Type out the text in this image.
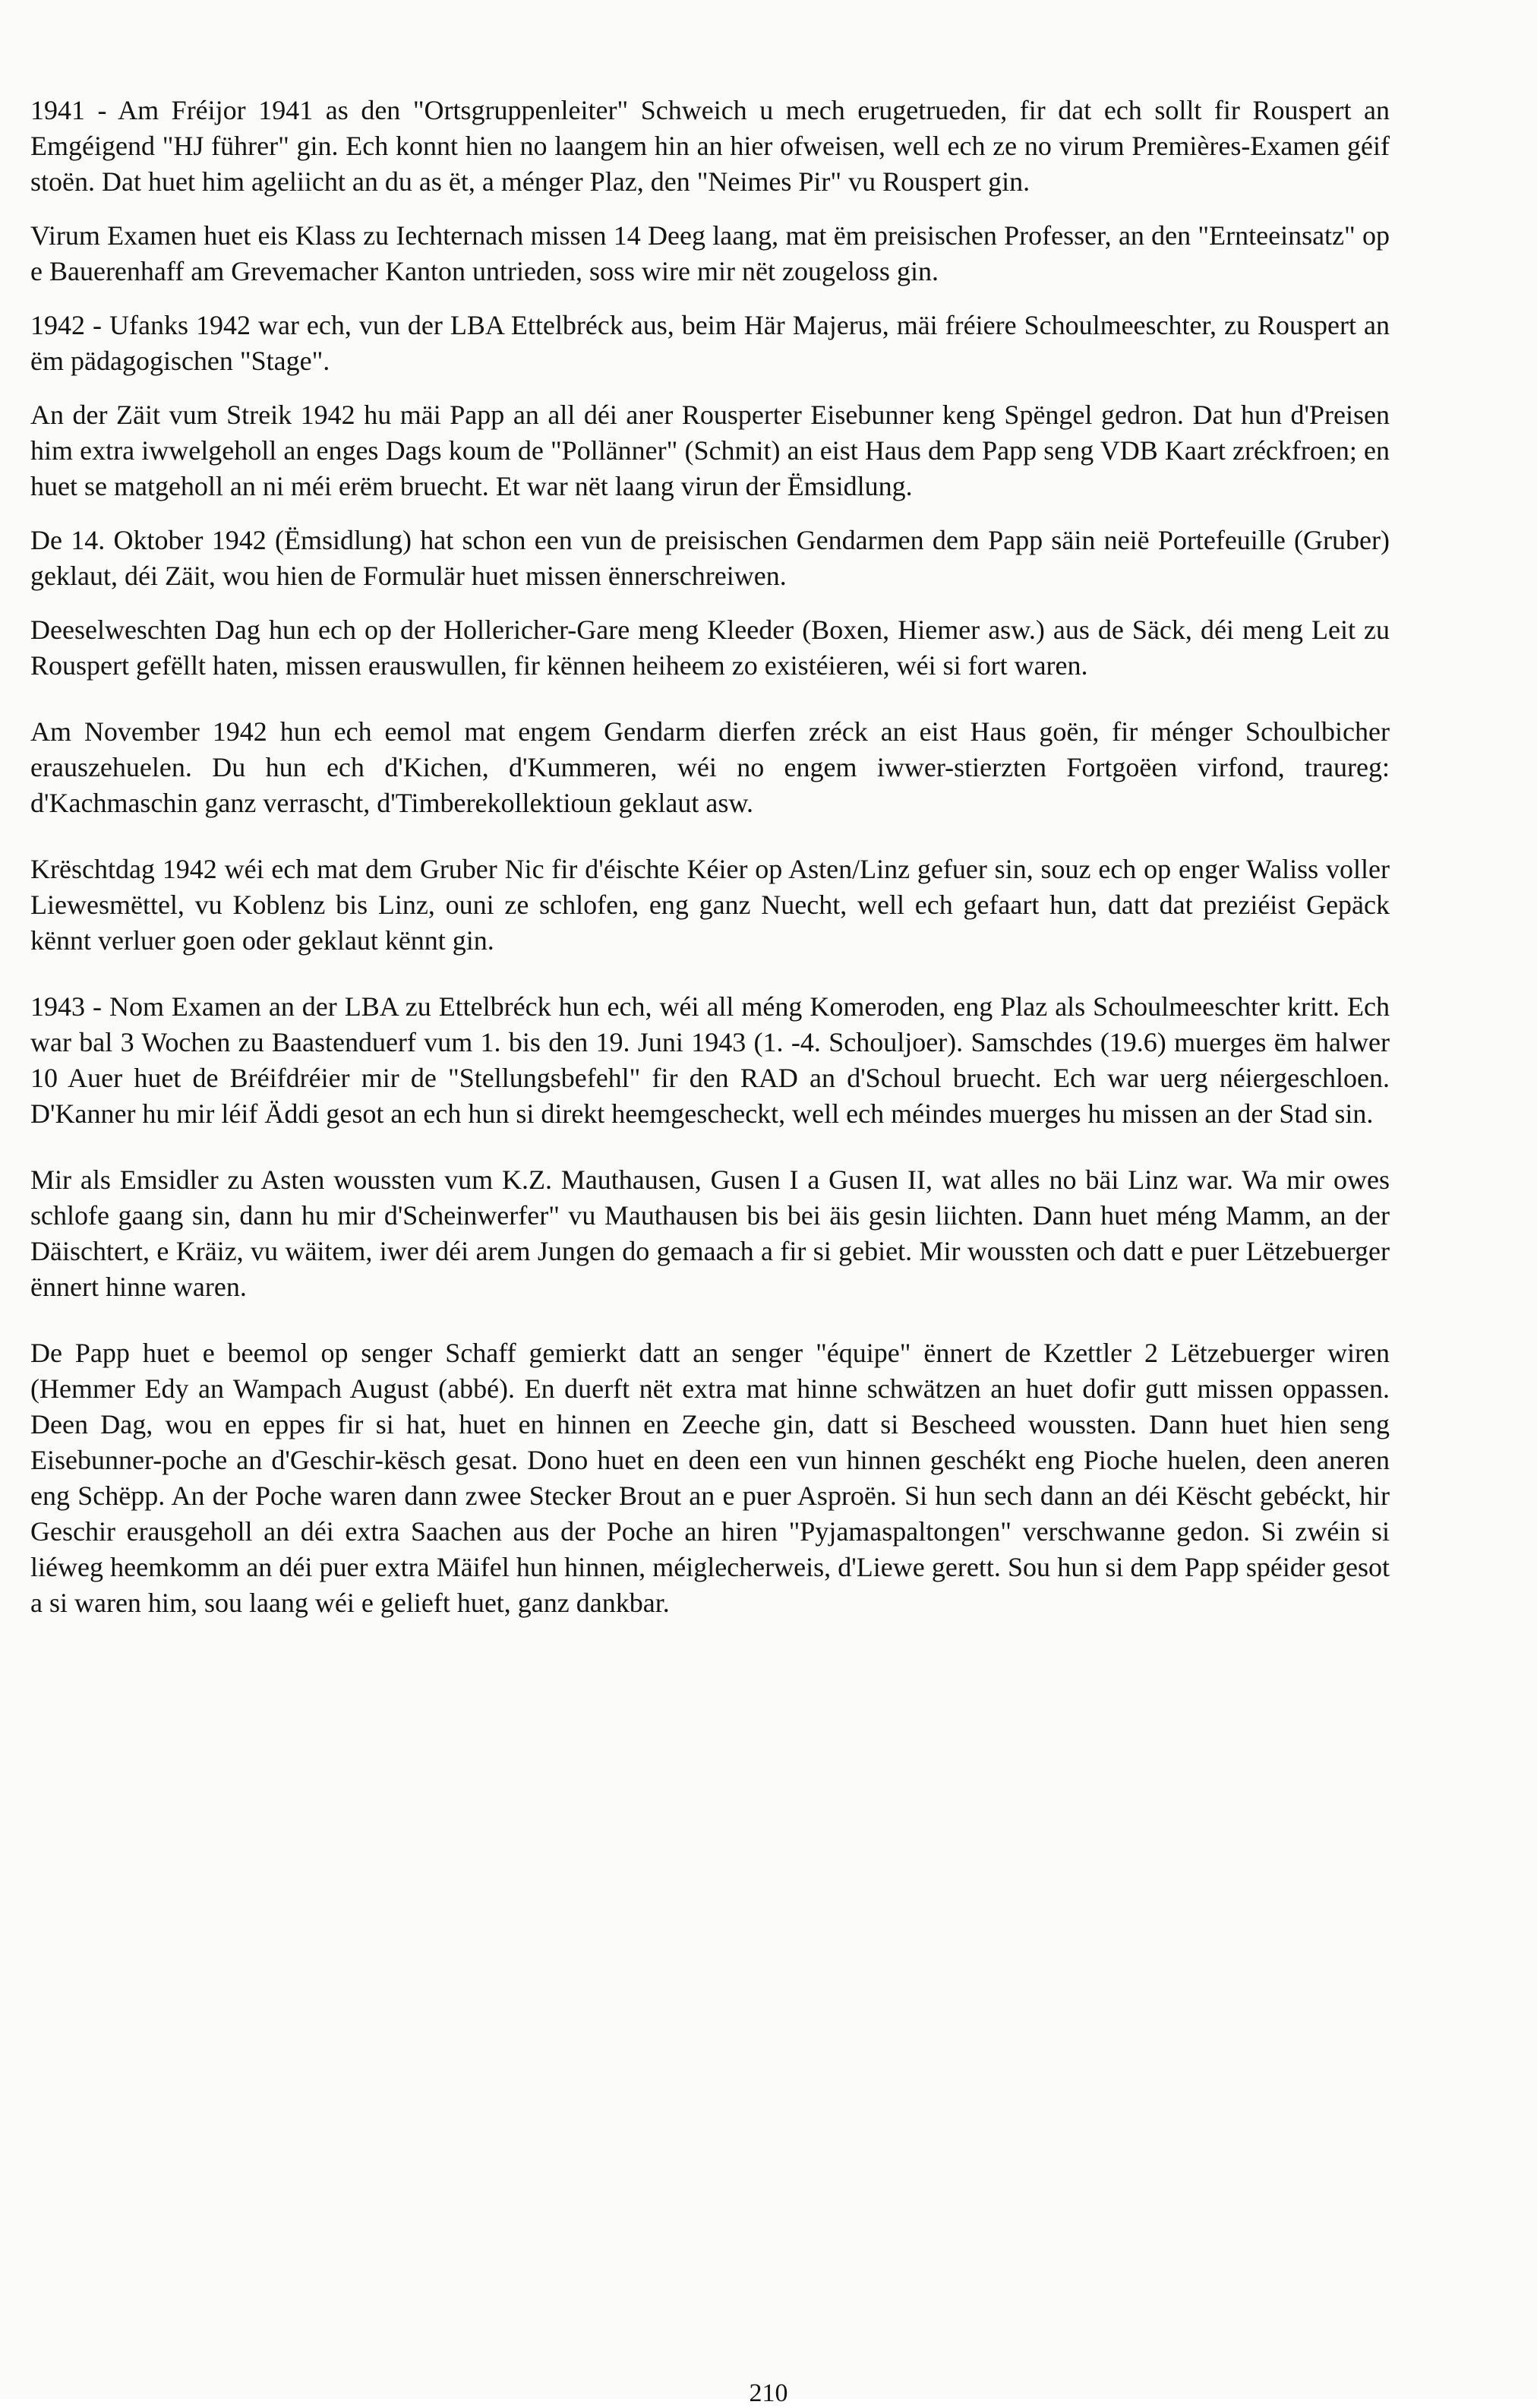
1941 - Am Fréijor 1941 as den "Ortsgruppenleiter" Schweich u mech erugetrueden, fir dat ech sollt fir Rouspert an Emgéigend "HJ führer" gin. Ech konnt hien no laangem hin an hier ofweisen, well ech ze no virum Premières-Examen géif stoën. Dat huet him ageliicht an du as ët, a ménger Plaz, den "Neimes Pir" vu Rouspert gin.

Virum Examen huet eis Klass zu Iechternach missen 14 Deeg laang, mat ëm preisischen Professer, an den "Ernteeinsatz" op e Bauerenhaff am Grevemacher Kanton untrieden, soss wire mir nët zougeloss gin.

1942 - Ufanks 1942 war ech, vun der LBA Ettelbréck aus, beim Här Majerus, mäi fréiere Schoulmeeschter, zu Rouspert an ëm pädagogischen "Stage".

An der Zäit vum Streik 1942 hu mäi Papp an all déi aner Rousperter Eisebunner keng Spëngel gedron. Dat hun d'Preisen him extra iwwelgeholl an enges Dags koum de "Pollänner" (Schmit) an eist Haus dem Papp seng VDB Kaart zréckfroen; en huet se matgeholl an ni méi erëm bruecht. Et war nët laang virun der Ëmsidlung.

De 14. Oktober 1942 (Ëmsidlung) hat schon een vun de preisischen Gendarmen dem Papp säin neië Portefeuille (Gruber) geklaut, déi Zäit, wou hien de Formulär huet missen ënnerschreiwen.

Deeselweschten Dag hun ech op der Hollericher-Gare meng Kleeder (Boxen, Hiemer asw.) aus de Säck, déi meng Leit zu Rouspert gefëllt haten, missen erauswullen, fir kënnen heiheem zo existéieren, wéi si fort waren.

Am November 1942 hun ech eemol mat engem Gendarm dierfen zréck an eist Haus goën, fir ménger Schoulbicher erauszehuelen. Du hun ech d'Kichen, d'Kummeren, wéi no engem iwwer-stierzten Fortgoëen virfond, traureg: d'Kachmaschin ganz verrascht, d'Timberekollektioun geklaut asw.

Krëschtdag 1942 wéi ech mat dem Gruber Nic fir d'éischte Kéier op Asten/Linz gefuer sin, souz ech op enger Waliss voller Liewesmëttel, vu Koblenz bis Linz, ouni ze schlofen, eng ganz Nuecht, well ech gefaart hun, datt dat preziéist Gepäck kënnt verluer goen oder geklaut kënnt gin.

1943 - Nom Examen an der LBA zu Ettelbréck hun ech, wéi all méng Komeroden, eng Plaz als Schoulmeeschter kritt. Ech war bal 3 Wochen zu Baastenduerf vum 1. bis den 19. Juni 1943 (1. -4. Schouljoer). Samschdes (19.6) muerges ëm halwer 10 Auer huet de Bréifdréier mir de "Stellungsbefehl" fir den RAD an d'Schoul bruecht. Ech war uerg néiergeschloen. D'Kanner hu mir léif Äddi gesot an ech hun si direkt heemgescheckt, well ech méindes muerges hu missen an der Stad sin.

Mir als Emsidler zu Asten woussten vum K.Z. Mauthausen, Gusen I a Gusen II, wat alles no bäi Linz war. Wa mir owes schlofe gaang sin, dann hu mir d'Scheinwerfer" vu Mauthausen bis bei äis gesin liichten. Dann huet méng Mamm, an der Däischtert, e Kräiz, vu wäitem, iwer déi arem Jungen do gemaach a fir si gebiet. Mir woussten och datt e puer Lëtzebuerger ënnert hinne waren.

De Papp huet e beemol op senger Schaff gemierkt datt an senger "équipe" ënnert de Kzettler 2 Lëtzebuerger wiren (Hemmer Edy an Wampach August (abbé). En duerft nët extra mat hinne schwätzen an huet dofir gutt missen oppassen. Deen Dag, wou en eppes fir si hat, huet en hinnen en Zeeche gin, datt si Bescheed woussten. Dann huet hien seng Eisebunner-poche an d'Geschir-kësch gesat. Dono huet en deen een vun hinnen geschékt eng Pioche huelen, deen aneren eng Schëpp. An der Poche waren dann zwee Stecker Brout an e puer Asproën. Si hun sech dann an déi Këscht gebéckt, hir Geschir erausgeholl an déi extra Saachen aus der Poche an hiren "Pyjamaspaltongen" verschwanne gedon. Si zwéin si liéweg heemkomm an déi puer extra Mäifel hun hinnen, méiglecherweis, d'Liewe gerett. Sou hun si dem Papp spéider gesot a si waren him, sou laang wéi e gelieft huet, ganz dankbar.

210
